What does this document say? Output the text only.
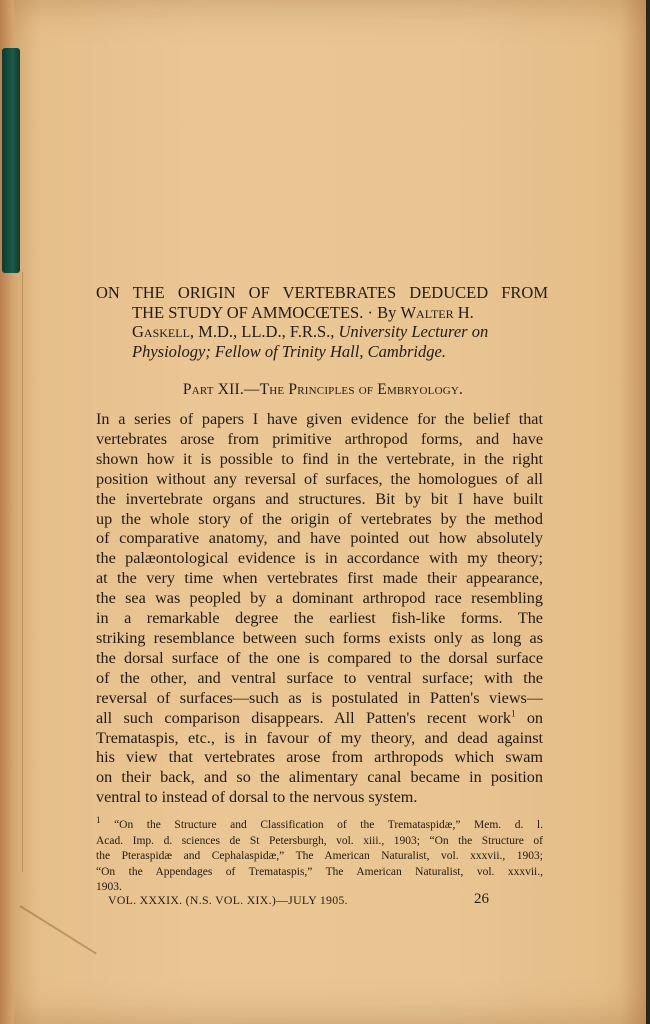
ON THE ORIGIN OF VERTEBRATES DEDUCED FROM
THE STUDY OF AMMOCŒTES. · By Walter H.
Gaskell, M.D., LL.D., F.R.S., University Lecturer on
Physiology; Fellow of Trinity Hall, Cambridge.
Part XII.—The Principles of Embryology.
In a series of papers I have given evidence for the belief that
vertebrates arose from primitive arthropod forms, and have
shown how it is possible to find in the vertebrate, in the right
position without any reversal of surfaces, the homologues of all
the invertebrate organs and structures. Bit by bit I have built
up the whole story of the origin of vertebrates by the method
of comparative anatomy, and have pointed out how absolutely
the palæontological evidence is in accordance with my theory;
at the very time when vertebrates first made their appearance,
the sea was peopled by a dominant arthropod race resembling
in a remarkable degree the earliest fish-like forms. The
striking resemblance between such forms exists only as long as
the dorsal surface of the one is compared to the dorsal surface
of the other, and ventral surface to ventral surface; with the
reversal of surfaces—such as is postulated in Patten's views—
all such comparison disappears. All Patten's recent work$^1$ on
Tremataspis, etc., is in favour of my theory, and dead against
his view that vertebrates arose from arthropods which swam
on their back, and so the alimentary canal became in position
ventral to instead of dorsal to the nervous system.
$^1$ “On the Structure and Classification of the Tremataspidæ,” Mem. d. l.
Acad. Imp. d. sciences de St Petersburgh, vol. xiii., 1903; “On the Structure of
the Pteraspidæ and Cephalaspidæ,” The American Naturalist, vol. xxxvii., 1903;
“On the Appendages of Tremataspis,” The American Naturalist, vol. xxxvii.,
1903.
VOL. XXXIX. (N.S. VOL. XIX.)—JULY 1905.	26
